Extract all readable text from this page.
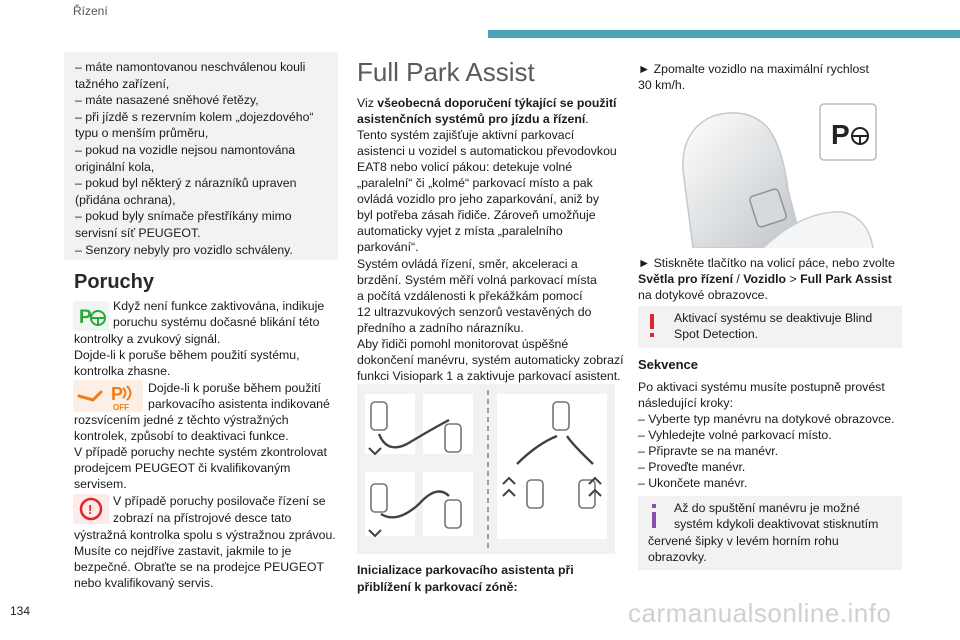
Řízení

– máte namontovanou neschválenou kouli

tažného zařízení,

– máte nasazené sněhové řetězy,

– při jízdě s rezervním kolem „dojezdového“

typu o menším průměru,

– pokud na vozidle nejsou namontována

originální kola,

– pokud byl některý z nárazníků upraven

(přidána ochrana),

– pokud byly snímače přestříkány mimo

servisní síť PEUGEOT.

– Senzory nebyly pro vozidlo schváleny.

Poruchy
P
Když není funkce zaktivována, indikuje
poruchu systému dočasné blikání této
kontrolky a zvukový signál.
Dojde-li k poruše během použití systému,
kontrolka zhasne.
P
OFF
Dojde-li k poruše během použití
parkovacího asistenta indikované
rozsvícením jedné z těchto výstražných
kontrolek, způsobí to deaktivaci funkce.
V případě poruchy nechte systém zkontrolovat
prodejcem PEUGEOT či kvalifikovaným
servisem.
!
V případě poruchy posilovače řízení se
zobrazí na přístrojové desce tato
výstražná kontrolka spolu s výstražnou zprávou.
Musíte co nejdříve zastavit, jakmile to je
bezpečné. Obraťte se na prodejce PEUGEOT
nebo kvalifikovaný servis.
Full Park Assist
Viz všeobecná doporučení týkající se použití
asistenčních systémů pro jízdu a řízení.
Tento systém zajišťuje aktivní parkovací
asistenci u vozidel s automatickou převodovkou
EAT8 nebo volicí pákou: detekuje volné
„paralelní“ či „kolmé“ parkovací místo a pak
ovládá vozidlo pro jeho zaparkování, aniž by
byl potřeba zásah řidiče. Zároveň umožňuje
automaticky vyjet z místa „paralelního
parkování“.
Systém ovládá řízení, směr, akceleraci a
brzdění. Systém měří volná parkovací místa
a počítá vzdálenosti k překážkám pomocí
12 ultrazvukových senzorů vestavěných do
předního a zadního nárazníku.
Aby řidiči pomohl monitorovat úspěšné
dokončení manévru, systém automaticky zobrazí
funkci Visiopark 1 a zaktivuje parkovací asistent.
Inicializace parkovacího asistenta při
přiblížení k parkovací zóně:
► Zpomalte vozidlo na maximální rychlost
30 km/h.
P
► Stiskněte tlačítko na volicí páce, nebo zvolte
Světla pro řízení / Vozidlo > Full Park Assist
na dotykové obrazovce.
Aktivací systému se deaktivuje Blind
Spot Detection.
Sekvence
Po aktivaci systému musíte postupně provést
následující kroky:
– Vyberte typ manévru na dotykové obrazovce.
– Vyhledejte volné parkovací místo.
– Připravte se na manévr.
– Proveďte manévr.
– Ukončete manévr.
Až do spuštění manévru je možné
systém kdykoli deaktivovat stisknutím
červené šipky v levém horním rohu
obrazovky.
134	carmanualsonline.info
